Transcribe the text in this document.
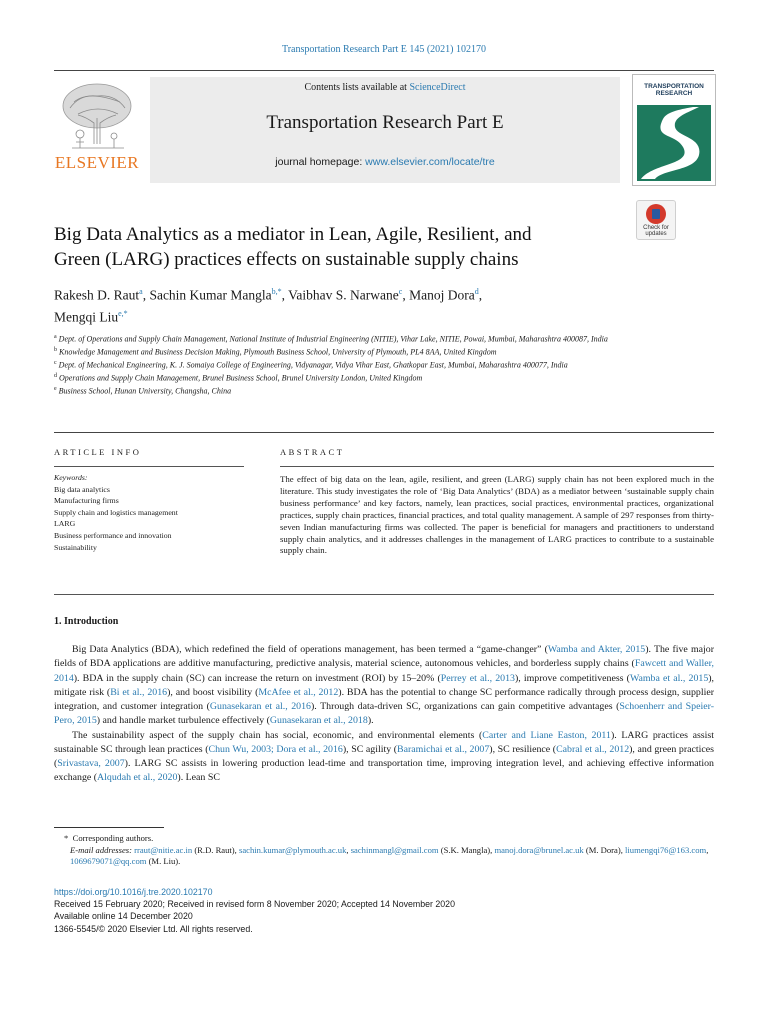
Transportation Research Part E 145 (2021) 102170
Contents lists available at ScienceDirect
Transportation Research Part E
journal homepage: www.elsevier.com/locate/tre
ELSEVIER
TRANSPORTATION RESEARCH
Check for
updates
Big Data Analytics as a mediator in Lean, Agile, Resilient, and
Green (LARG) practices effects on sustainable supply chains
Rakesh D. Raut$^a$, Sachin Kumar Mangla$^{b,*}$, Vaibhav S. Narwane$^c$, Manoj Dora$^d$,
Mengqi Liu$^{e,*}$
$^a$ Dept. of Operations and Supply Chain Management, National Institute of Industrial Engineering (NITIE), Vihar Lake, NITIE, Powai, Mumbai, Maharashtra 400087, India
$^b$ Knowledge Management and Business Decision Making, Plymouth Business School, University of Plymouth, PL4 8AA, United Kingdom
$^c$ Dept. of Mechanical Engineering, K. J. Somaiya College of Engineering, Vidyanagar, Vidya Vihar East, Ghatkopar East, Mumbai, Maharashtra 400077, India
$^d$ Operations and Supply Chain Management, Brunel Business School, Brunel University London, United Kingdom
$^e$ Business School, Hunan University, Changsha, China
ARTICLE INFO
Keywords:
Big data analytics
Manufacturing firms
Supply chain and logistics management
LARG
Business performance and innovation
Sustainability
ABSTRACT
The effect of big data on the lean, agile, resilient, and green (LARG) supply chain has not been explored much in the literature. This study investigates the role of ‘Big Data Analytics’ (BDA) as a mediator between ‘sustainable supply chain business performance’ and key factors, namely, lean practices, social practices, environmental practices, organizational practices, supply chain practices, financial practices, and total quality management. A sample of 297 responses from thirty-seven Indian manufacturing firms was collected. The paper is beneficial for managers and practitioners to understand supply chain analytics, and it addresses challenges in the management of LARG practices to contribute to a sustainable supply chain.
1. Introduction

Big Data Analytics (BDA), which redefined the field of operations management, has been termed a “game-changer” (Wamba and Akter, 2015). The five major fields of BDA applications are additive manufacturing, predictive analysis, material science, autonomous vehicles, and borderless supply chains (Fawcett and Waller, 2014). BDA in the supply chain (SC) can increase the return on investment (ROI) by 15–20% (Perrey et al., 2013), improve competitiveness (Wamba et al., 2015), mitigate risk (Bi et al., 2016), and boost visibility (McAfee et al., 2012). BDA has the potential to change SC performance radically through process design, supplier integration, and customer integration (Gunasekaran et al., 2016). Through data-driven SC, organizations can gain competitive advantages (Schoenherr and Speier-Pero, 2015) and handle market turbulence effectively (Gunasekaran et al., 2018).

The sustainability aspect of the supply chain has social, economic, and environmental elements (Carter and Liane Easton, 2011). LARG practices assist sustainable SC through lean practices (Chun Wu, 2003; Dora et al., 2016), SC agility (Baramichai et al., 2007), SC resilience (Cabral et al., 2012), and green practices (Srivastava, 2007). LARG SC assists in lowering production lead-time and transportation time, improving integration level, and achieving effective information exchange (Alqudah et al., 2020). Lean SC

*  Corresponding authors.
E-mail addresses: rraut@nitie.ac.in (R.D. Raut), sachin.kumar@plymouth.ac.uk, sachinmangl@gmail.com (S.K. Mangla), manoj.dora@brunel.ac.uk (M. Dora), liumengqi76@163.com, 1069679071@qq.com (M. Liu).
https://doi.org/10.1016/j.tre.2020.102170
Received 15 February 2020; Received in revised form 8 November 2020; Accepted 14 November 2020
Available online 14 December 2020
1366-5545/© 2020 Elsevier Ltd. All rights reserved.
